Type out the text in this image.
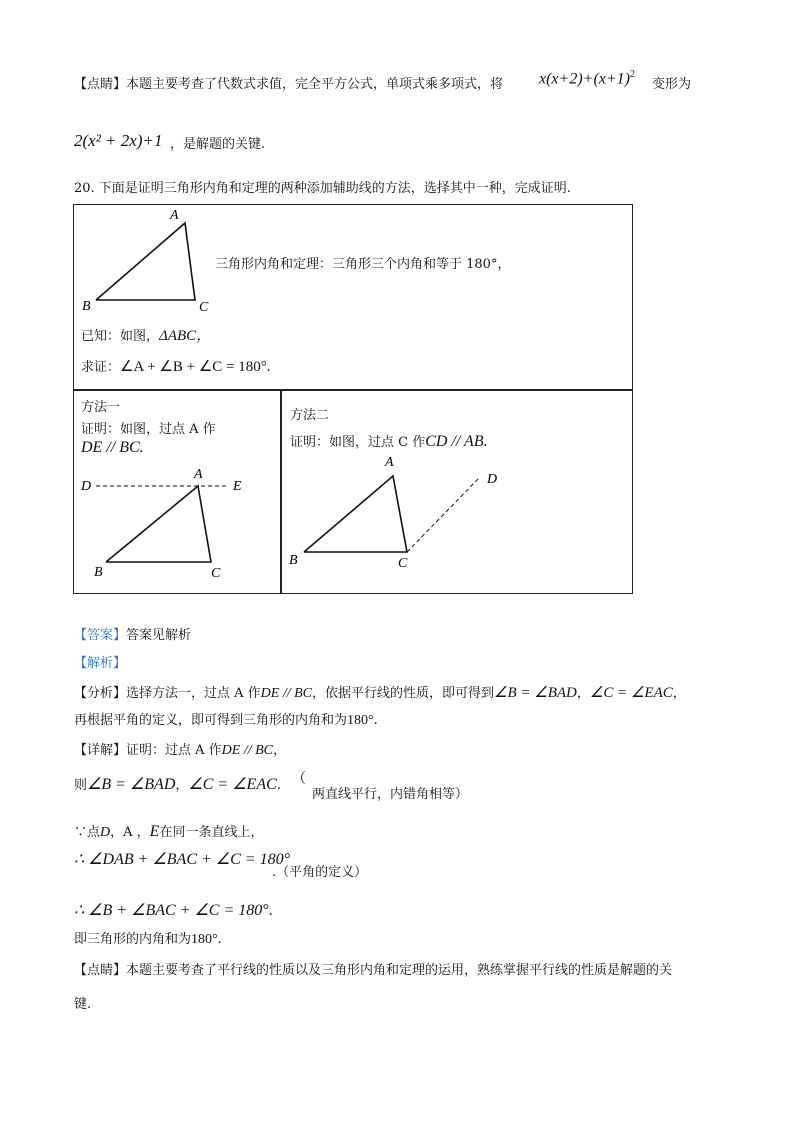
【点睛】本题主要考查了代数式求值，完全平方公式，单项式乘多项式，将 $x(x+2)+(x+1)^2$
变形为
2(x² + 2x)+1 ，是解题的关键.
20. 下面是证明三角形内角和定理的两种添加辅助线的方法，选择其中一种，完成证明.
A
B	C
三角形内角和定理：三角形三个内角和等于 180°，
已知：如图，ΔABC，
求证：∠A + ∠B + ∠C = 180°.
方法一
证明：如图，过点 A 作
DE // BC.
D
A
E
B	C
方法二
证明：如图，过点 C 作CD // AB.
A
D
B	C
【答案】答案见解析
【解析】
【分析】选择方法一，过点 A 作DE // BC，依据平行线的性质，即可得到∠B = ∠BAD，∠C = ∠EAC，
再根据平角的定义，即可得到三角形的内角和为180°.
【详解】证明：过点 A 作DE // BC，
则∠B = ∠BAD，∠C = ∠EAC. （
两直线平行，内错角相等）
∵点D，A ，E在同一条直线上，
∴ ∠DAB + ∠BAC + ∠C = 180°
.（平角的定义）
∴ ∠B + ∠BAC + ∠C = 180°.
即三角形的内角和为180°.
【点睛】本题主要考查了平行线的性质以及三角形内角和定理的运用，熟练掌握平行线的性质是解题的关
键.
